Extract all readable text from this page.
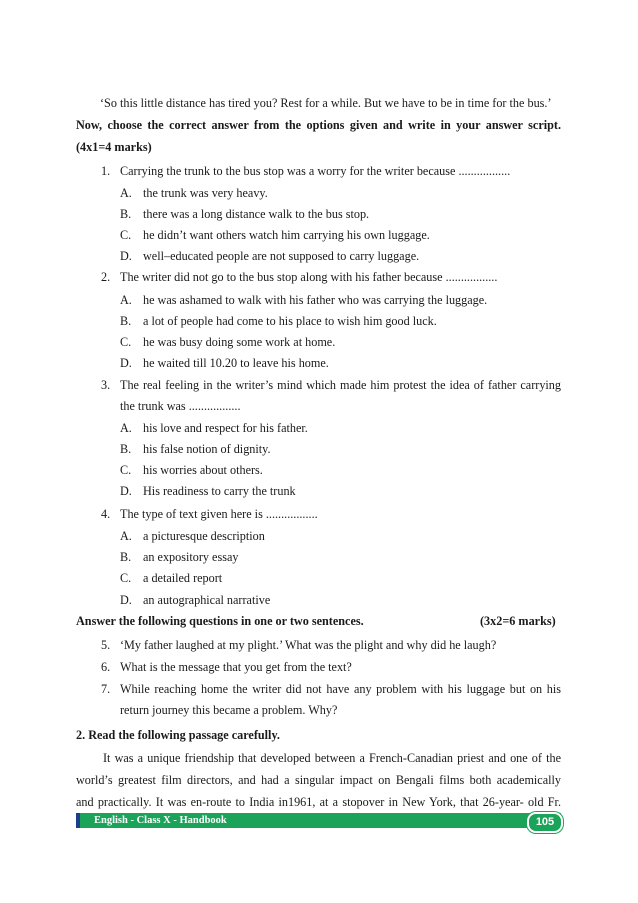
‘So this little distance has tired you? Rest for a while. But we have to be in time for the bus.’
Now, choose the correct answer from the options given and write in your answer script.
(4x1=4 marks)
1. Carrying the trunk to the bus stop was a worry for the writer because .................
A. the trunk was very heavy.
B. there was a long distance walk to the bus stop.
C. he didn’t want others watch him carrying his own luggage.
D. well–educated people are not supposed to carry luggage.
2. The writer did not go to the bus stop along with his father because .................
A. he was ashamed to walk with his father who was carrying the luggage.
B. a lot of people had come to his place to wish him good luck.
C. he was busy doing some work at home.
D. he waited till 10.20 to leave his home.
3. The real feeling in the writer’s mind which made him protest the idea of father carrying
the trunk was .................
A. his love and respect for his father.
B. his false notion of dignity.
C. his worries about others.
D. His readiness to carry the trunk
4. The type of text given here is .................
A. a picturesque description
B. an expository essay
C. a detailed report
D. an autographical narrative
Answer the following questions in one or two sentences.	(3x2=6 marks)
5. ‘My father laughed at my plight.’ What was the plight and why did he laugh?
6. What is the message that you get from the text?
7. While reaching home the writer did not have any problem with his luggage but on his
return journey this became a problem. Why?
2. Read the following passage carefully.
It was a unique friendship that developed between a French-Canadian priest and one of the
world’s greatest film directors, and had a singular impact on Bengali films both academically
and practically. It was en-route to India in1961, at a stopover in New York, that 26-year- old Fr.
English - Class X - Handbook	105
